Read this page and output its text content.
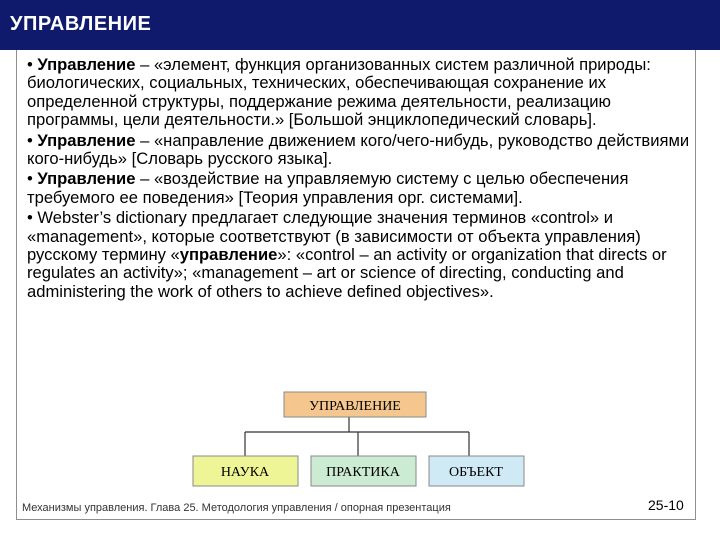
УПРАВЛЕНИЕ
• Управление – «элемент, функция организованных систем различной природы: биологических, социальных, технических, обеспечивающая сохранение их определенной структуры, поддержание режима деятельности, реализацию программы, цели деятельности.» [Большой энциклопедический словарь].
• Управление – «направление движением кого/чего-нибудь, руководство действиями кого-нибудь» [Словарь русского языка].
• Управление – «воздействие на управляемую систему с целью обеспечения требуемого ее поведения» [Теория управления орг. системами].
• Webster’s dictionary предлагает следующие значения терминов «control» и «management», которые соответствуют (в зависимости от объекта управления) русскому термину «управление»: «control – an activity or organization that directs or regulates an activity»; «management – art or science of directing, conducting and administering the work of others to achieve defined objectives».
УПРАВЛЕНИЕ
НАУКА	ПРАКТИКА	ОБЪЕКТ
Механизмы управления. Глава 25. Методология управления / опорная презентация	25-10
